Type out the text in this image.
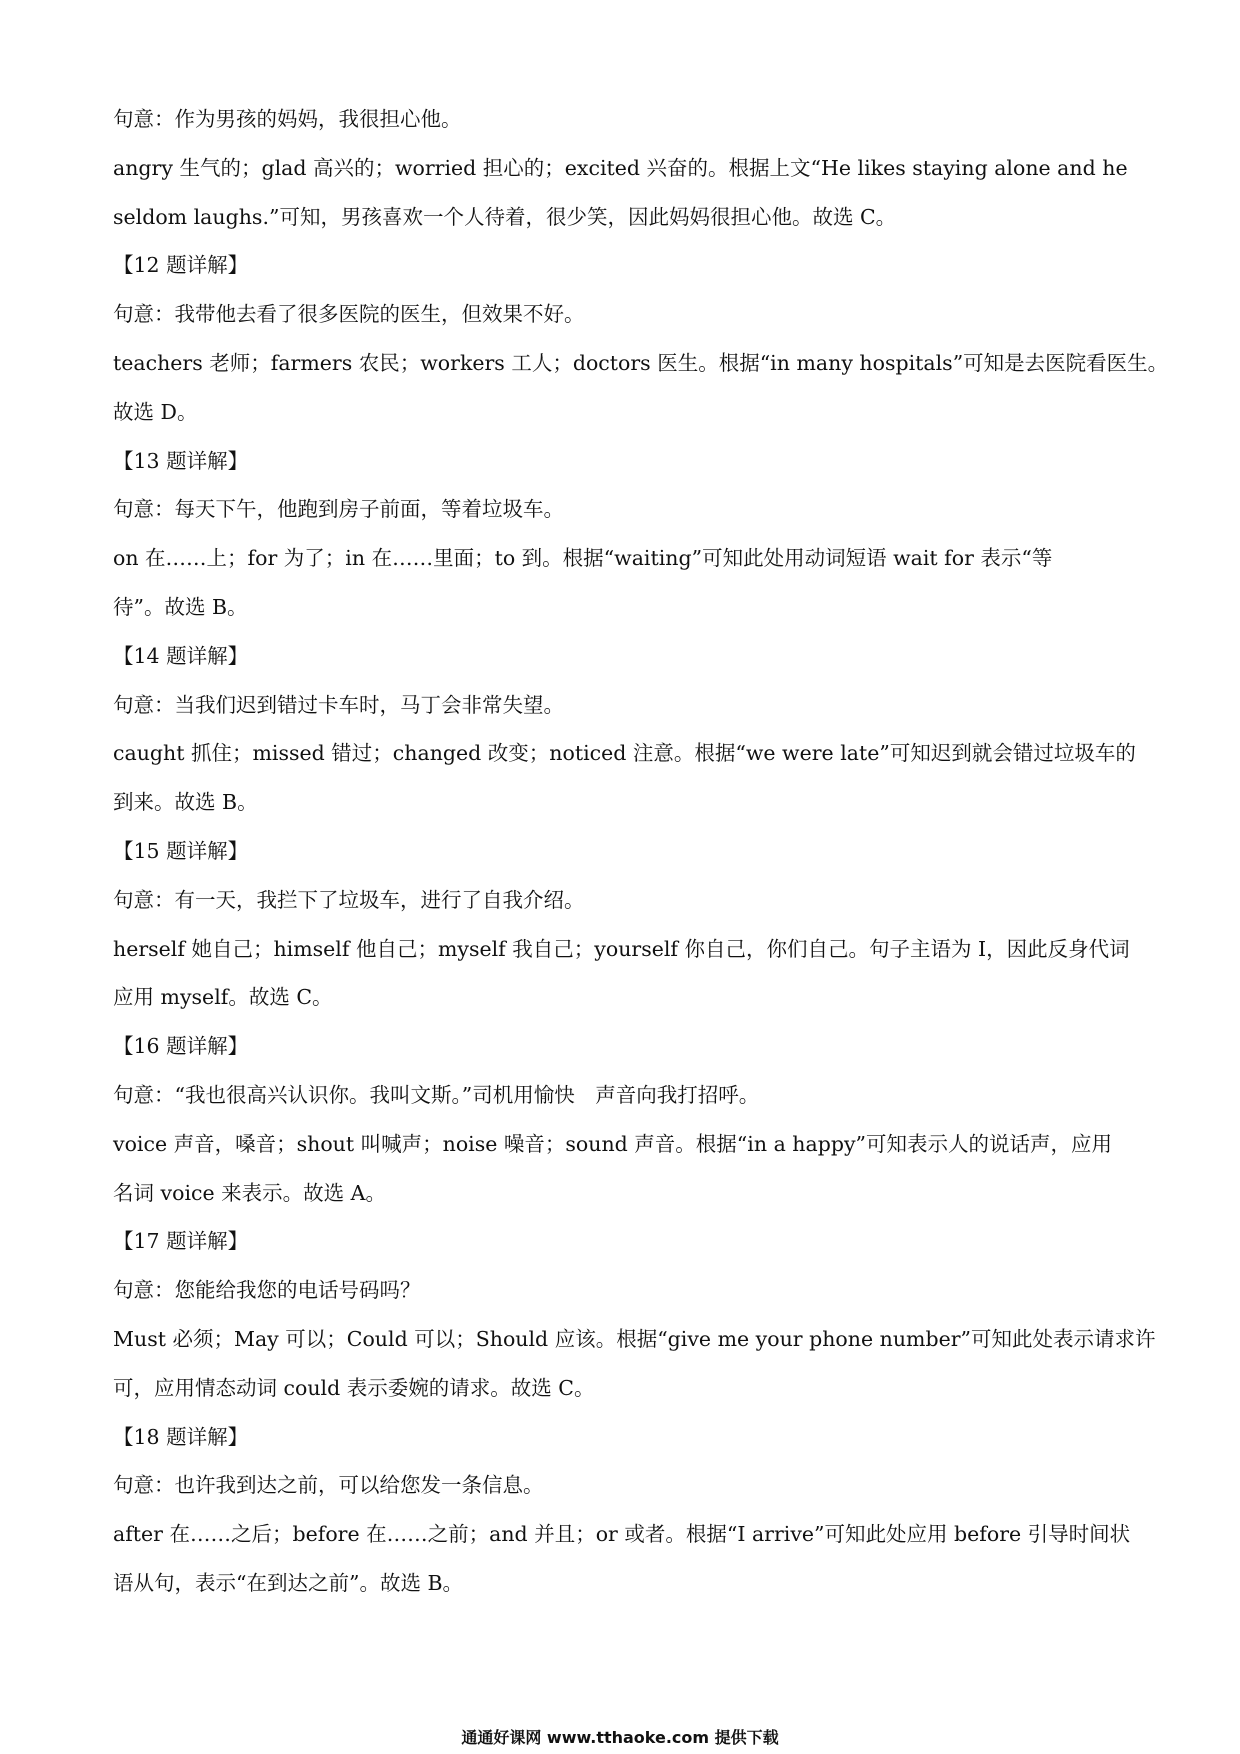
句意：作为男孩的妈妈，我很担心他。
angry 生气的；glad 高兴的；worried 担心的；excited 兴奋的。根据上文“He likes staying alone and he
seldom laughs.”可知，男孩喜欢一个人待着，很少笑，因此妈妈很担心他。故选 C。
【12 题详解】
句意：我带他去看了很多医院的医生，但效果不好。
teachers 老师；farmers 农民；workers 工人；doctors 医生。根据“in many hospitals”可知是去医院看医生。
故选 D。
【13 题详解】
句意：每天下午，他跑到房子前面，等着垃圾车。
on 在……上；for 为了；in 在……里面；to 到。根据“waiting”可知此处用动词短语 wait for 表示“等
待”。故选 B。
【14 题详解】
句意：当我们迟到错过卡车时，马丁会非常失望。
caught 抓住；missed 错过；changed 改变；noticed 注意。根据“we were late”可知迟到就会错过垃圾车的
到来。故选 B。
【15 题详解】
句意：有一天，我拦下了垃圾车，进行了自我介绍。
herself 她自己；himself 他自己；myself 我自己；yourself 你自己，你们自己。句子主语为 I，因此反身代词
应用 myself。故选 C。
【16 题详解】
句意：“我也很高兴认识你。我叫文斯。”司机用愉快　声音向我打招呼。
voice 声音，嗓音；shout 叫喊声；noise 噪音；sound 声音。根据“in a happy”可知表示人的说话声，应用
名词 voice 来表示。故选 A。
【17 题详解】
句意：您能给我您的电话号码吗？
Must 必须；May 可以；Could 可以；Should 应该。根据“give me your phone number”可知此处表示请求许
可，应用情态动词 could 表示委婉的请求。故选 C。
【18 题详解】
句意：也许我到达之前，可以给您发一条信息。
after 在……之后；before 在……之前；and 并且；or 或者。根据“I arrive”可知此处应用 before 引导时间状
语从句，表示“在到达之前”。故选 B。
通通好课网 www.tthaoke.com 提供下载
